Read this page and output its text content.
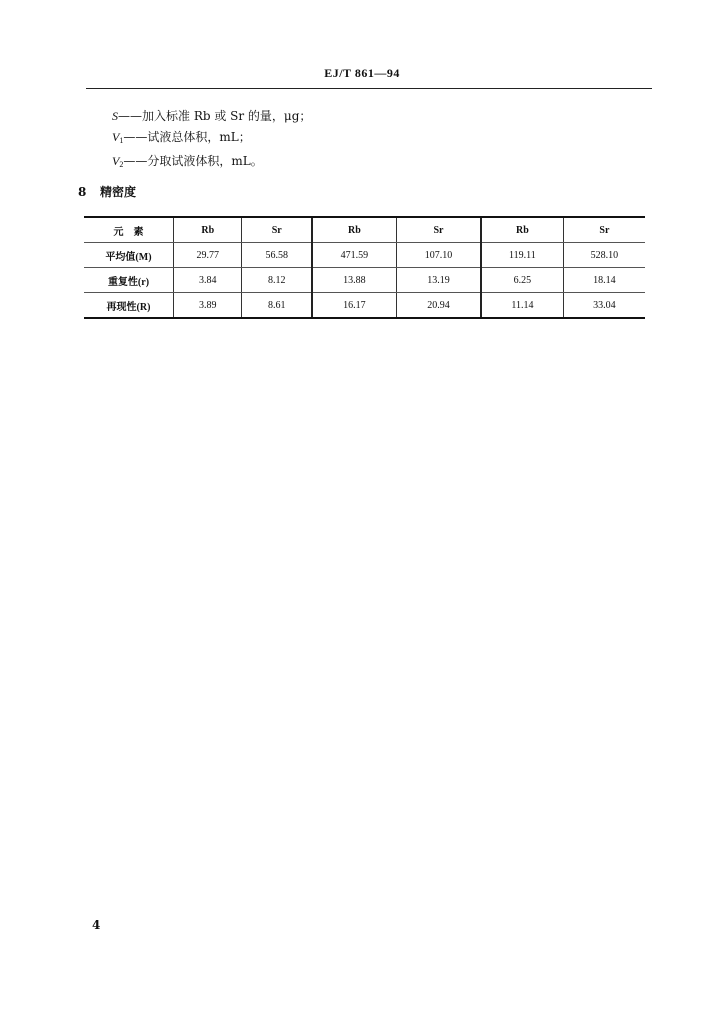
EJ/T 861—94
S——加入标准 Rb 或 Sr 的量，μg；
$V_1——$试液总体积，mL；
$V_2——$分取试液体积，mL。
8 精密度
元　素	Rb	Sr	Rb	Sr	Rb	Sr
平均值(M)	29.77	56.58	471.59	107.10	119.11	528.10
重复性(r)	3.84	8.12	13.88	13.19	6.25	18.14
再现性(R)	3.89	8.61	16.17	20.94	11.14	33.04
4
